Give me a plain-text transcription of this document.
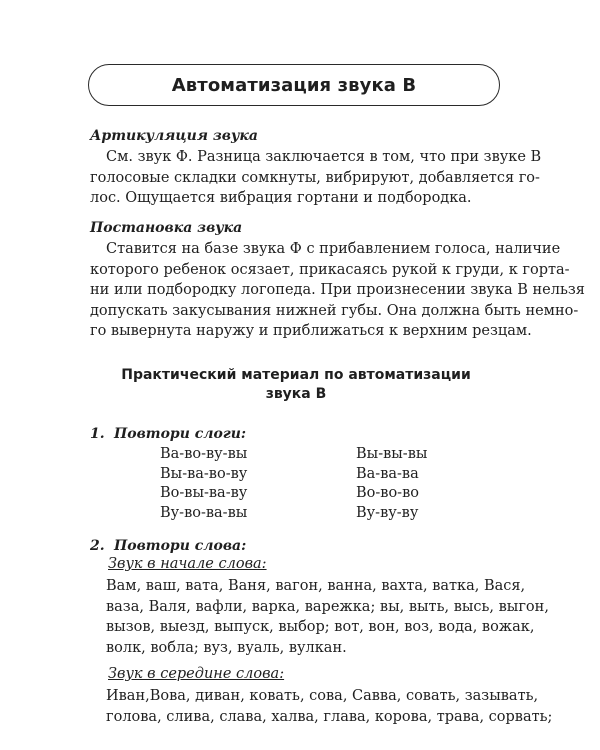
Автоматизация звука В
Артикуляция звука
См. звук Ф. Разница заключается в том, что при звуке В
голосовые складки сомкнуты, вибрируют, добавляется го-
лос. Ощущается вибрация гортани и подбородка.
Постановка звука
Ставится на базе звука Ф с прибавлением голоса, наличие
которого ребенок осязает, прикасаясь рукой к груди, к горта-
ни или подбородку логопеда. При произнесении звука В нельзя
допускать закусывания нижней губы. Она должна быть немно-
го вывернута наружу и приближаться к верхним резцам.
Практический материал по автоматизации
звука В
1. Повтори слоги:
Ва-во-ву-вы
Вы-ва-во-ву
Во-вы-ва-ву
Ву-во-ва-вы
Вы-вы-вы
Ва-ва-ва
Во-во-во
Ву-ву-ву
2. Повтори слова:
Звук в начале слова:
Вам, ваш, вата, Ваня, вагон, ванна, вахта, ватка, Вася,
ваза, Валя, вафли, варка, варежка; вы, выть, высь, выгон,
вызов, выезд, выпуск, выбор; вот, вон, воз, вода, вожак,
волк, вобла; вуз, вуаль, вулкан.
Звук в середине слова:
Иван,Вова, диван, ковать, сова, Савва, совать, зазывать,
голова, слива, слава, халва, глава, корова, трава, сорвать;
